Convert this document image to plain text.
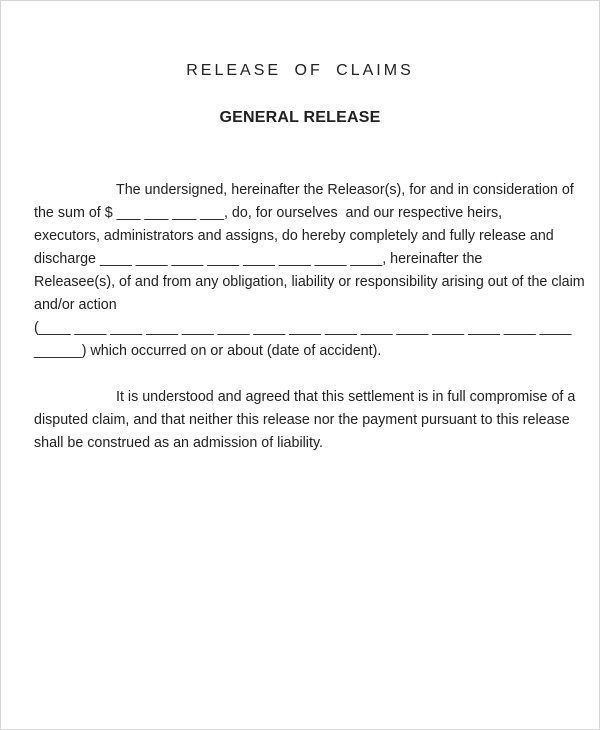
RELEASE OF CLAIMS
GENERAL RELEASE
The undersigned, hereinafter the Releasor(s), for and in consideration of
the sum of $ ___ ___ ___ ___, do, for ourselves  and our respective heirs,
executors, administrators and assigns, do hereby completely and fully release and
discharge ____ ____ ____ ____ ____ ____ ____ ____, hereinafter the
Releasee(s), of and from any obligation, liability or responsibility arising out of the claim
and/or action
(____ ____ ____ ____ ____ ____ ____ ____ ____ ____ ____ ____ ____ ____ ____
______) which occurred on or about (date of accident).
It is understood and agreed that this settlement is in full compromise of a
disputed claim, and that neither this release nor the payment pursuant to this release
shall be construed as an admission of liability.
